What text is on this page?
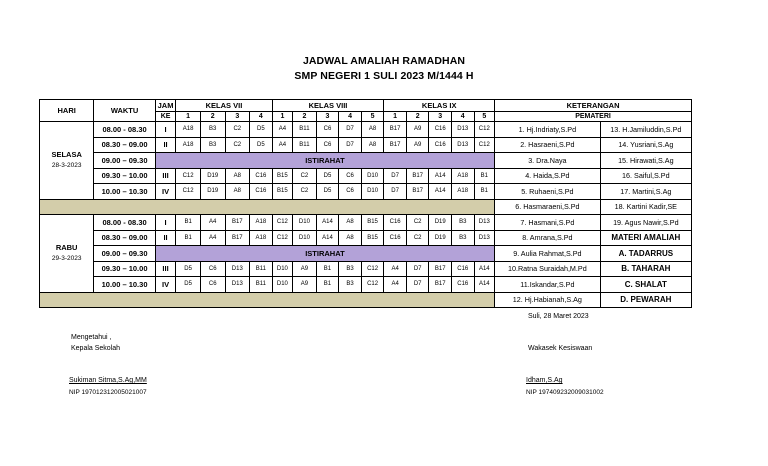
JADWAL AMALIAH RAMADHAN
SMP NEGERI 1 SULI 2023 M/1444 H
HARI	WAKTU	JAM	KELAS VII				KELAS VIII					KELAS IX					KETERANGAN	
		KE	1	2	3	4	1	2	3	4	5	1	2	3	4	5	PEMATERI	

SELASA
28-3-2023	08.00 - 08.30	I	A18	B3	C2	D5	A4	B11	C6	D7	A8	B17	A9	C16	D13	C12	1. Hj.Indriaty,S.Pd	13. H.Jamiluddin,S.Pd
	08.30 – 09.00	II	A18	B3	C2	D5	A4	B11	C6	D7	A8	B17	A9	C16	D13	C12	2. Hasraeni,S.Pd	14. Yusriani,S.Ag
	09.00 – 09.30	ISTIRAHAT															3. Dra.Naya	15. Hirawati,S.Ag
	09.30 – 10.00	III	C12	D19	A8	C16	B15	C2	D5	C6	D10	D7	B17	A14	A18	B1	4. Haida,S.Pd	16. Saiful,S.Pd
	10.00 – 10.30	IV	C12	D19	A8	C16	B15	C2	D5	C6	D10	D7	B17	A14	A18	B1	5. Ruhaeni,S.Pd	17. Martini,S.Ag
																	6. Hasmaraeni,S.Pd	18. Kartini Kadir,SE

RABU
29-3-2023	08.00 - 08.30	I	B1	A4	B17	A18	C12	D10	A14	A8	B15	C16	C2	D19	B3	D13	7. Hasmani,S.Pd	19. Agus Nawir,S.Pd
	08.30 – 09.00	II	B1	A4	B17	A18	C12	D10	A14	A8	B15	C16	C2	D19	B3	D13	8. Amrana,S.Pd	MATERI AMALIAH
	09.00 – 09.30	ISTIRAHAT															9. Aulia Rahmat,S.Pd	A. TADARRUS
	09.30 – 10.00	III	D5	C6	D13	B11	D10	A9	B1	B3	C12	A4	D7	B17	C16	A14	10.Ratna Suraidah,M.Pd	B. TAHARAH
	10.00 – 10.30	IV	D5	C6	D13	B11	D10	A9	B1	B3	C12	A4	D7	B17	C16	A14	11.Iskandar,S.Pd	C. SHALAT
																	12. Hj.Habianah,S.Ag	D. PEWARAH
Suli, 28 Maret 2023
Mengetahui ,
Kepala Sekolah	Wakasek Kesiswaan
Sukiman Sitma,S.Ag,MM
NIP 197012312005021007
Idham,S.Ag
NIP 197409232009031002
